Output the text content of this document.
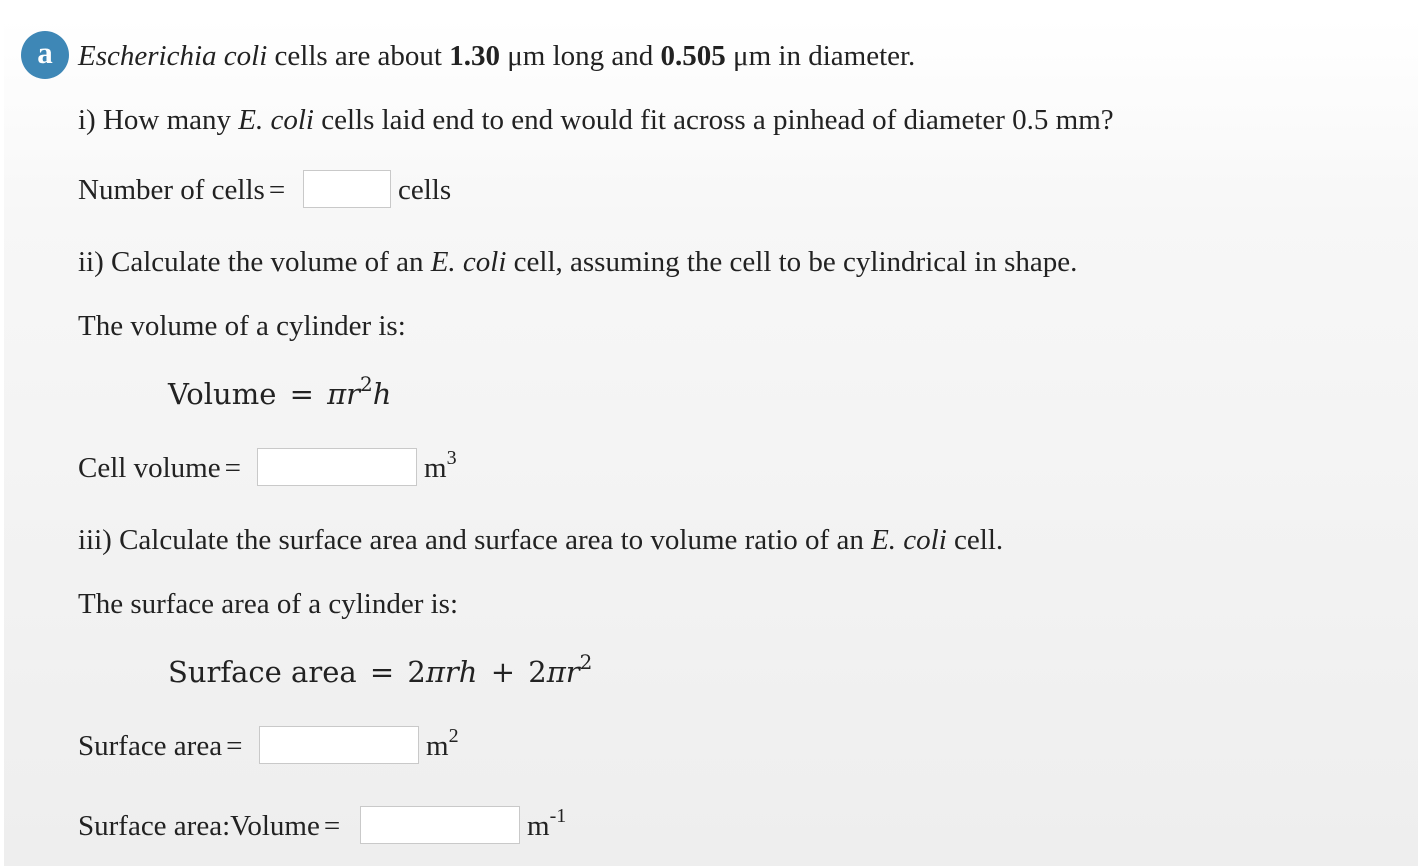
a Escherichia coli cells are about 1.30 μm long and 0.505 μm in diameter.
i) How many E. coli cells laid end to end would fit across a pinhead of diameter 0.5 mm?
Number of cells =	cells
ii) Calculate the volume of an E. coli cell, assuming the cell to be cylindrical in shape.
The volume of a cylinder is:
Volume = $\pi r^2h$
Cell volume =	$m^3$
iii) Calculate the surface area and surface area to volume ratio of an E. coli cell.
The surface area of a cylinder is:
Surface area = $2\pi rh + 2\pi r^2$
Surface area =	$m^2$
Surface area:Volume =	$m^{-1}$
